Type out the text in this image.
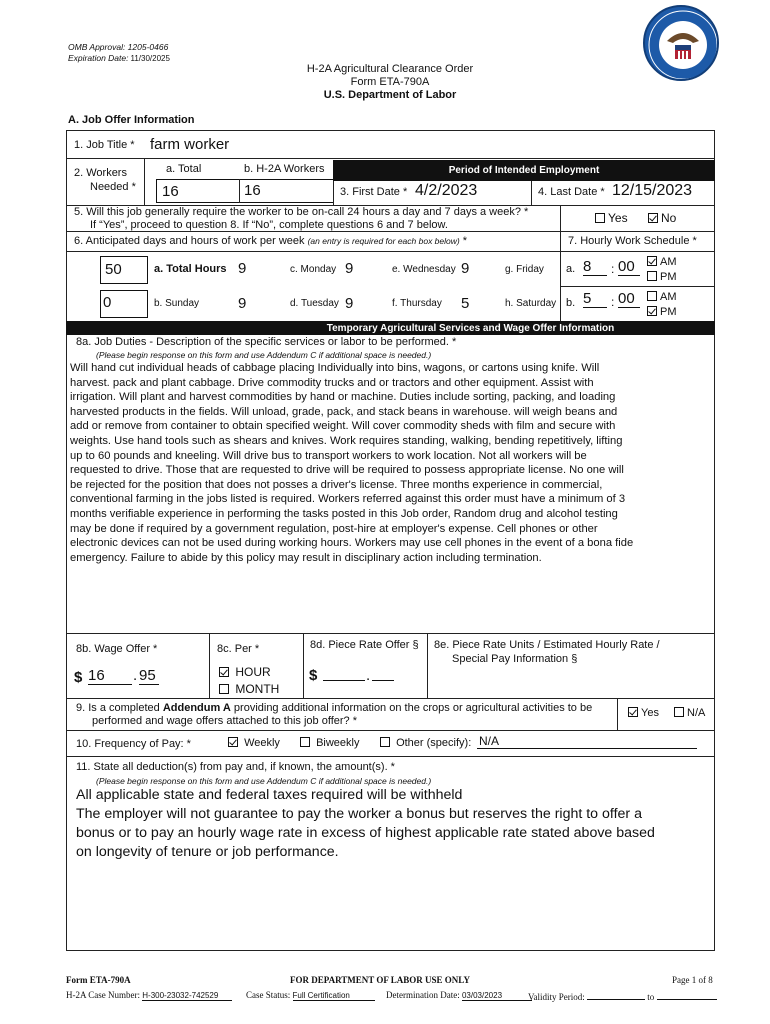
OMB Approval: 1205-0466
Expiration Date: 11/30/2025
H-2A Agricultural Clearance Order
Form ETA-790A
U.S. Department of Labor
A. Job Offer Information
1. Job Title * farm worker
2. Workers
Needed *
a. Total	b. H-2A Workers
16	16
Period of Intended Employment
3. First Date * 4/2/2023	4. Last Date * 12/15/2023
5. Will this job generally require the worker to be on-call 24 hours a day and 7 days a week? *
If “Yes”, proceed to question 8. If “No”, complete questions 6 and 7 below.	Yes	No
6. Anticipated days and hours of work per week (an entry is required for each box below) *	7. Hourly Work Schedule *
50	a. Total Hours 9	c. Monday 9	e. Wednesday 9	g. Friday
0	b. Sunday	9	d. Tuesday 9	f. Thursday 5	h. Saturday
a. 8	: 00	AM
PM
b. 5	: 00	AM
PM
Temporary Agricultural Services and Wage Offer Information
8a. Job Duties - Description of the specific services or labor to be performed. *
(Please begin response on this form and use Addendum C if additional space is needed.)
Will hand cut individual heads of cabbage placing Individually into bins, wagons, or cartons using knife. Will
harvest. pack and plant cabbage. Drive commodity trucks and or tractors and other equipment. Assist with
irrigation. Will plant and harvest commodities by hand or machine. Duties include sorting, packing, and loading
harvested products in the fields. Will unload, grade, pack, and stack beans in warehouse. will weigh beans and
add or remove from container to obtain specified weight. Will cover commodity sheds with film and secure with
weights. Use hand tools such as shears and knives. Work requires standing, walking, bending repetitively, lifting
up to 60 pounds and kneeling. Will drive bus to transport workers to work location. Not all workers will be
requested to drive. Those that are requested to drive will be required to possess appropriate license. No one will
be rejected for the position that does not posses a driver's license. Three months experience in commercial,
conventional farming in the jobs listed is required. Workers referred against this order must have a minimum of 3
months verifiable experience in performing the tasks posted in this Job order, Random drug and alcohol testing
may be done if required by a government regulation, post-hire at employer's expense. Cell phones or other
electronic devices can not be used during working hours. Workers may use cell phones in the event of a bona fide
emergency. Failure to abide by this policy may result in disciplinary action including termination.
8b. Wage Offer *
$ 16	. 95
8c. Per *
HOUR
MONTH
8d. Piece Rate Offer §
$	.
8e. Piece Rate Units / Estimated Hourly Rate /
Special Pay Information §
9. Is a completed Addendum A providing additional information on the crops or agricultural activities to be
performed and wage offers attached to this job offer? *
Yes	N/A
10. Frequency of Pay: *	Weekly	Biweekly	Other (specify): N/A
11. State all deduction(s) from pay and, if known, the amount(s). *
(Please begin response on this form and use Addendum C if additional space is needed.)
All applicable state and federal taxes required will be withheld
The employer will not guarantee to pay the worker a bonus but reserves the right to offer a
bonus or to pay an hourly wage rate in excess of highest applicable rate stated above based
on longevity of tenure or job performance.
Form ETA-790A	FOR DEPARTMENT OF LABOR USE ONLY	Page 1 of 8
H-2A Case Number: H-300-23032-742529	Case Status: Full Certification	Determination Date: 03/03/2023	Validity Period:	to
